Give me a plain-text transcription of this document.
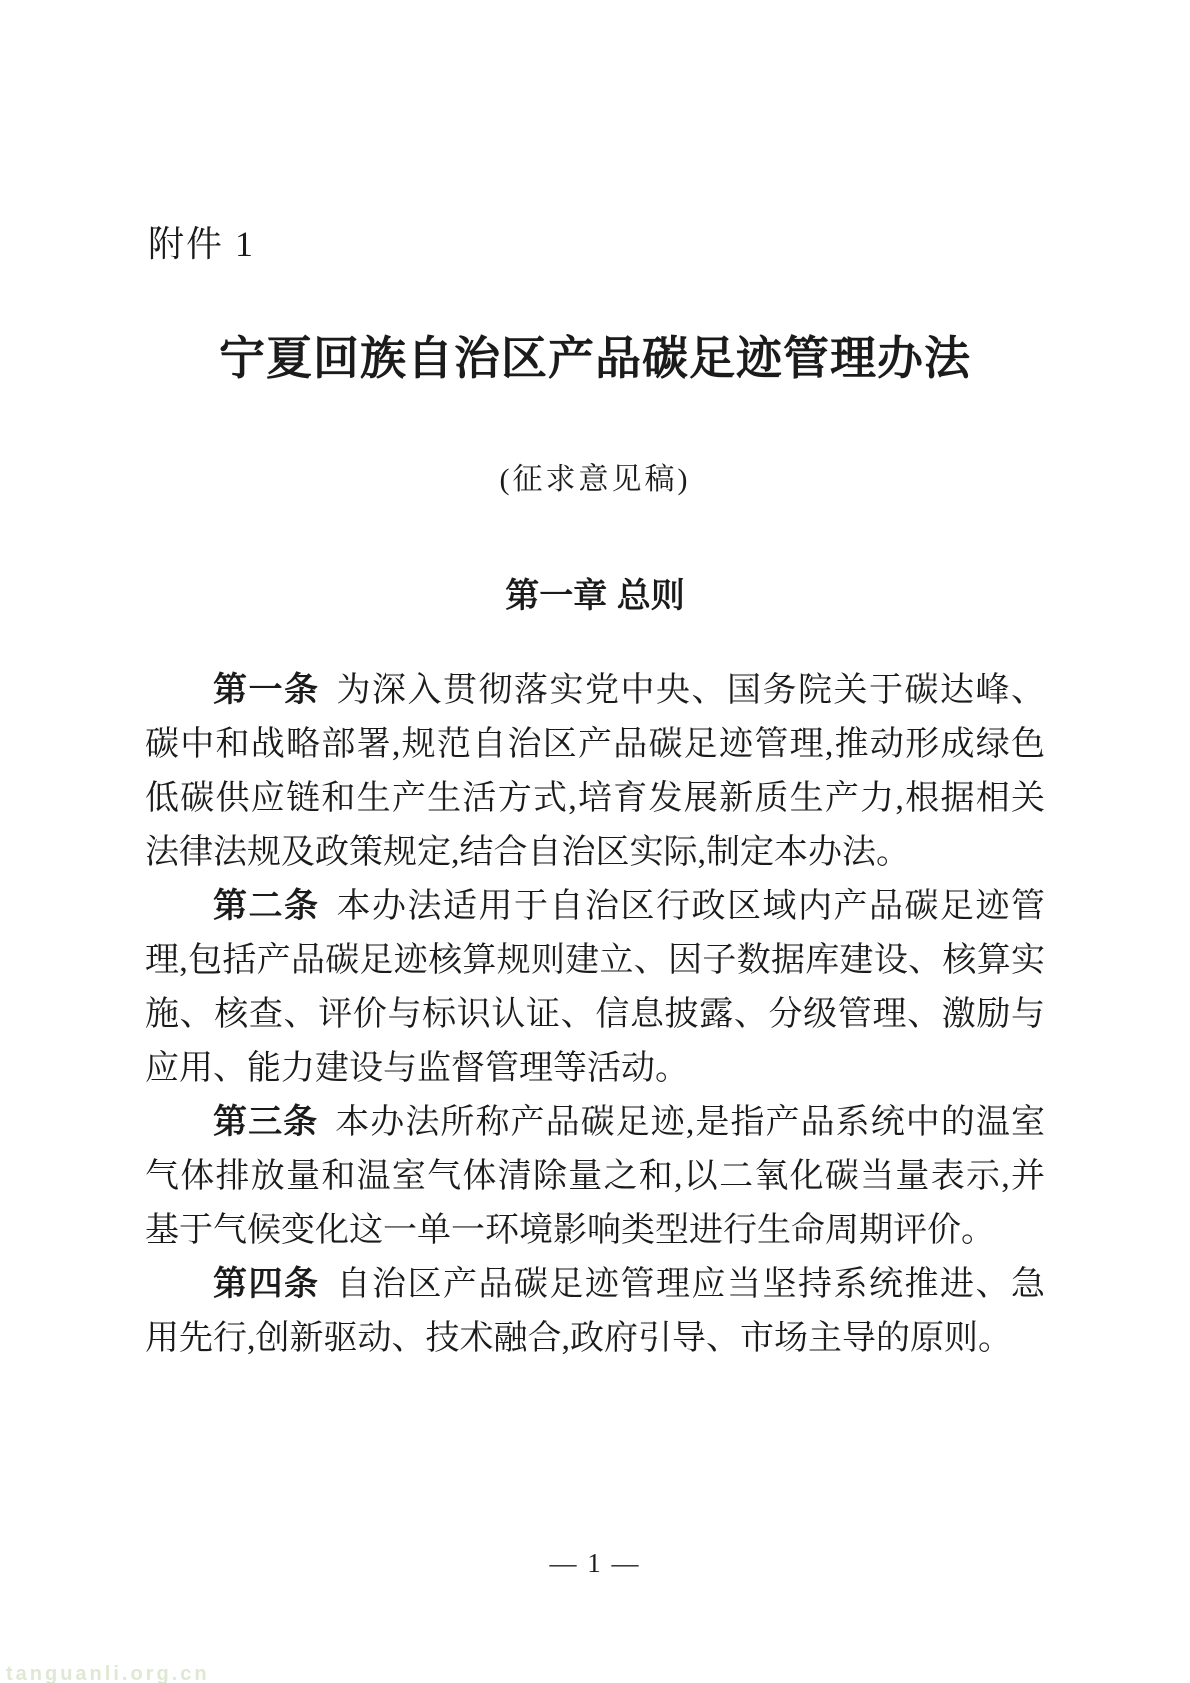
附件 1
宁夏回族自治区产品碳足迹管理办法
(征求意见稿)
第一章 总则

第一条 为深入贯彻落实党中央、国务院关于碳达峰、碳中和战略部署,规范自治区产品碳足迹管理,推动形成绿色低碳供应链和生产生活方式,培育发展新质生产力,根据相关法律法规及政策规定,结合自治区实际,制定本办法。

第二条 本办法适用于自治区行政区域内产品碳足迹管理,包括产品碳足迹核算规则建立、因子数据库建设、核算实施、核查、评价与标识认证、信息披露、分级管理、激励与应用、能力建设与监督管理等活动。

第三条 本办法所称产品碳足迹,是指产品系统中的温室气体排放量和温室气体清除量之和,以二氧化碳当量表示,并基于气候变化这一单一环境影响类型进行生命周期评价。

第四条 自治区产品碳足迹管理应当坚持系统推进、急用先行,创新驱动、技术融合,政府引导、市场主导的原则。

— 1 —
tanguanli.org.cn
